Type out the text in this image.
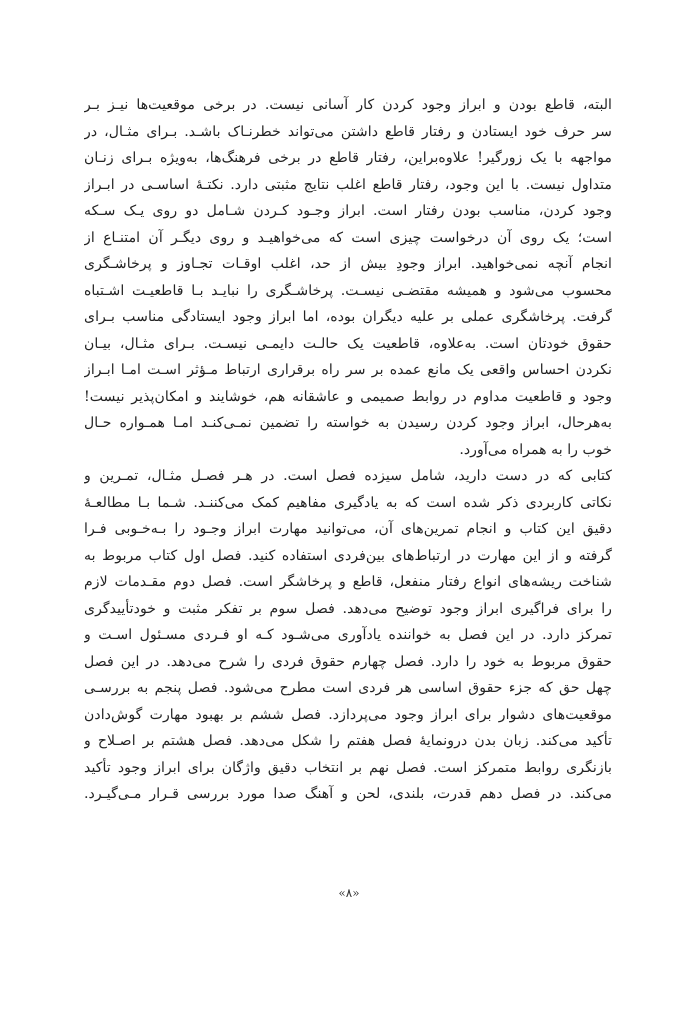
البته، قاطع بودن و ابراز وجود کردن کار آسانی نیست. در برخی موقعیت‌ها نیـز بـر
سر حرف خود ایستادن و رفتار قاطع داشتن می‌تواند خطرنـاک باشـد. بـرای مثـال، در
مواجهه با یک زورگیر! علاوه‌براین، رفتار قاطع در برخی فرهنگ‌ها، به‌ویژه بـرای زنـان
متداول نیست. با این وجود، رفتار قاطع اغلب نتایج مثبتی دارد. نکتـهٔ اساسـی در ابـراز
وجود کردن، مناسب بودن رفتار است. ابراز وجـود کـردن شـامل دو روی یـک سـکه
است؛ یک روی آن درخواست چیزی است که می‌خواهیـد و روی دیگـر آن امتنـاع از
انجام آنچه نمی‌خواهید. ابراز وجودِ بیش از حد، اغلب اوقـات تجـاوز و پرخاشـگری
محسوب می‌شود و همیشه مقتضـی نیسـت. پرخاشـگری را نبایـد بـا قاطعیـت اشـتباه
گرفت. پرخاشگری عملی بر علیه دیگران بوده، اما ابراز وجود ایستادگی مناسب بـرای
حقوق خودتان است. به‌علاوه، قاطعیت یک حالـت دایمـی نیسـت. بـرای مثـال، بیـان
نکردن احساس واقعی یک مانع عمده بر سر راه برقراری ارتباط مـؤثر اسـت امـا ابـراز
وجود و قاطعیت مداوم در روابط صمیمی و عاشقانه هم، خوشایند و امکان‌پذیر نیست!
به‌هرحال، ابراز وجود کردن رسیدن به خواسته را تضمین نمـی‌کنـد امـا همـواره حـال
خوب را به همراه می‌آورد.
کتابی که در دست دارید، شامل سیزده فصل است. در هـر فصـل مثـال، تمـرین و
نکاتی کاربردی ذکر شده است که به یادگیری مفاهیم کمک می‌کننـد. شـما بـا مطالعـهٔ
دقیق این کتاب و انجام تمرین‌های آن، می‌توانید مهارت ابراز وجـود را بـه‌خـوبی فـرا
گرفته و از این مهارت در ارتباط‌های بین‌فردی استفاده کنید. فصل اول کتاب مربوط به
شناخت ریشه‌های انواع رفتار منفعل، قاطع و پرخاشگر است. فصل دوم مقـدمات لازم
را برای فراگیری ابراز وجود توضیح می‌دهد. فصل سوم بر تفکر مثبت و خودتأییدگری
تمرکز دارد. در این فصل به خواننده یادآوری می‌شـود کـه او فـردی مسـئول اسـت و
حقوق مربوط به خود را دارد. فصل چهارم حقوق فردی را شرح می‌دهد. در این فصل
چهل حق که جزء حقوق اساسی هر فردی است مطرح می‌شود. فصل پنجم به بررسـی
موقعیت‌های دشوار برای ابراز وجود می‌پردازد. فصل ششم بر بهبود مهارت گوش‌دادن
تأکید می‌کند. زبان بدن درونمایهٔ فصل هفتم را شکل می‌دهد. فصل هشتم بر اصـلاح و
بازنگری روابط متمرکز است. فصل نهم بر انتخاب دقیق واژگان برای ابراز وجود تأکید
می‌کند. در فصل دهم قدرت، بلندی، لحن و آهنگ صدا مورد بررسی قـرار مـی‌گیـرد.
«۸»
